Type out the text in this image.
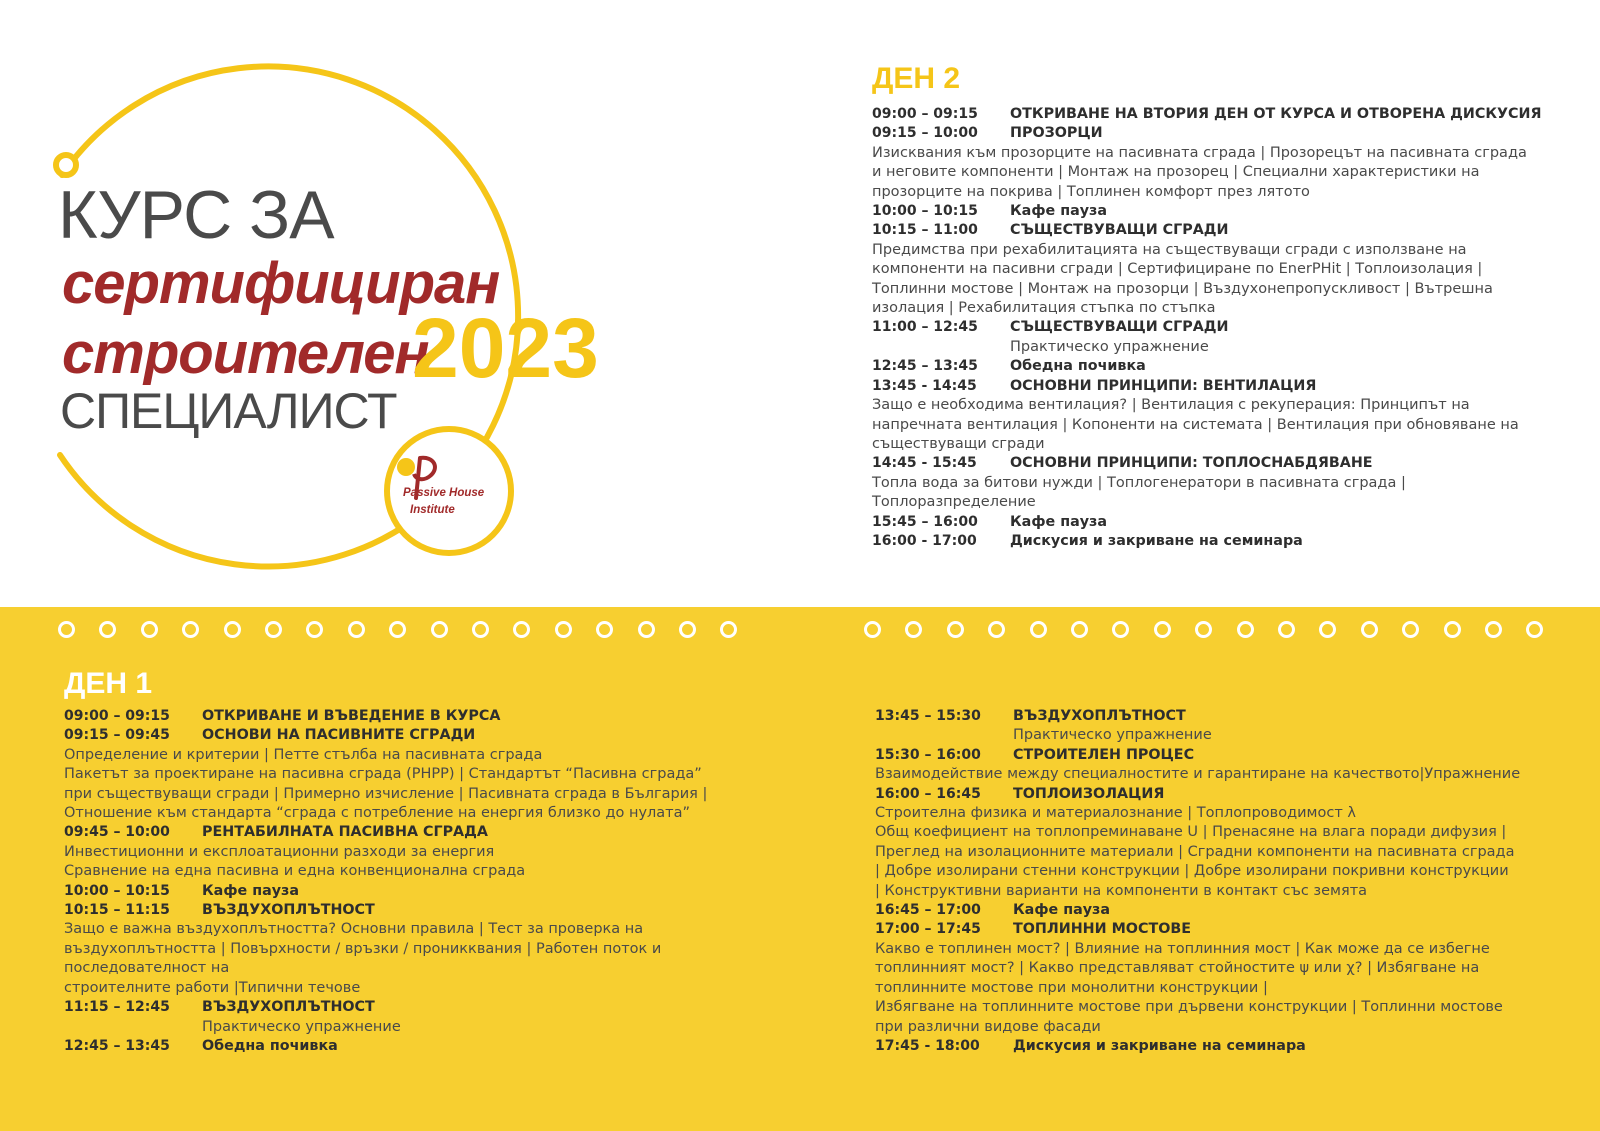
КУРС ЗА
сертифициран
строителен
СПЕЦИАЛИСТ
2023
Passive House
Institute
ДЕН 2
09:00 – 09:15	ОТКРИВАНЕ НА ВТОРИЯ ДЕН ОТ КУРСА И ОТВОРЕНА ДИСКУСИЯ
09:15 – 10:00	ПРОЗОРЦИ
Изисквания към прозорците на пасивната сграда | Прозорецът на пасивната сграда
и неговите компоненти | Монтаж на прозорец | Специални характеристики на
прозорците на покрива | Топлинен комфорт през лятото
10:00 – 10:15	Кафе пауза
10:15 – 11:00	СЪЩЕСТВУВАЩИ СГРАДИ
Предимства при рехабилитацията на съществуващи сгради с използване на
компоненти на пасивни сгради | Сертифициране по EnerPHit | Топлоизолация |
Топлинни мостове | Монтаж на прозорци | Въздухонепропускливост | Вътрешна
изолация | Рехабилитация стъпка по стъпка
11:00 – 12:45	СЪЩЕСТВУВАЩИ СГРАДИ
Практическо упражнение
12:45 – 13:45	Обедна почивка
13:45 - 14:45	ОСНОВНИ ПРИНЦИПИ: ВЕНТИЛАЦИЯ
Защо е необходима вентилация? | Вентилация с рекуперация: Принципът на
напречната вентилация | Копоненти на системата | Вентилация при обновяване на
съществуващи сгради
14:45 - 15:45	ОСНОВНИ ПРИНЦИПИ: ТОПЛОСНАБДЯВАНЕ
Топла вода за битови нужди | Топлогенератори в пасивната сграда |
Топлоразпределение
15:45 – 16:00	Кафе пауза
16:00 - 17:00	Дискусия и закриване на семинара
ДЕН 1
09:00 – 09:15	ОТКРИВАНЕ И ВЪВЕДЕНИЕ В КУРСА
09:15 – 09:45	ОСНОВИ НА ПАСИВНИТЕ СГРАДИ
Определение и критерии | Петте стълба на пасивната сграда
Пакетът за проектиране на пасивна сграда (PHPP) | Стандартът “Пасивна сграда”
при съществуващи сгради | Примерно изчисление | Пасивната сграда в България |
Отношение към стандарта “сграда с потребление на енергия близко до нулата”
09:45 – 10:00	РЕНТАБИЛНАТА ПАСИВНА СГРАДА
Инвестиционни и експлоатационни разходи за енергия
Сравнение на една пасивна и една конвенционална сграда
10:00 – 10:15	Кафе пауза
10:15 – 11:15	ВЪЗДУХОПЛЪТНОСТ
Защо е важна въздухоплътността? Основни правила | Тест за проверка на
въздухоплътността | Повърхности / връзки / проникквания | Работен поток и
последователност на
строителните работи |Типични течове
11:15 – 12:45	ВЪЗДУХОПЛЪТНОСТ
Практическо упражнение
12:45 – 13:45	Обедна почивка
13:45 – 15:30	ВЪЗДУХОПЛЪТНОСТ
Практическо упражнение
15:30 – 16:00	СТРОИТЕЛЕН ПРОЦЕС
Взаимодействие между специалностите и гарантиране на качеството|Упражнение
16:00 – 16:45	ТОПЛОИЗОЛАЦИЯ
Строителна физика и материалознание | Топлопроводимост λ
Общ коефициент на топлопреминаване U | Пренасяне на влага поради дифузия |
Преглед на изолационните материали | Сградни компоненти на пасивната сграда
| Добре изолирани стенни конструкции | Добре изолирани покривни конструкции
| Конструктивни варианти на компоненти в контакт със земята
16:45 – 17:00	Кафе пауза
17:00 – 17:45	ТОПЛИННИ МОСТОВЕ
Какво е топлинен мост? | Влияние на топлинния мост | Как може да се избегне
топлинният мост? | Какво представляват стойностите ψ или χ? | Избягване на
топлинните мостове при монолитни конструкции |
Избягване на топлинните мостове при дървени конструкции | Топлинни мостове
при различни видове фасади
17:45 - 18:00	Дискусия и закриване на семинара
